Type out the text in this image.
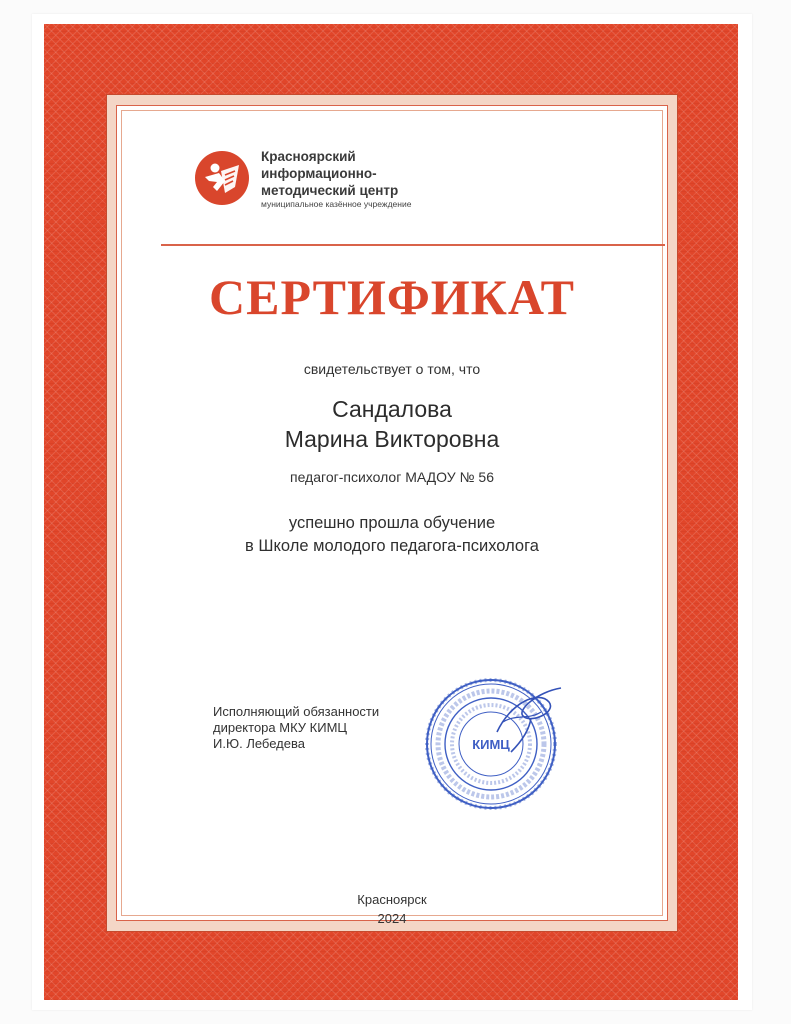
Красноярский
информационно-
методический центр
муниципальное казённое учреждение
СЕРТИФИКАТ
свидетельствует о том, что
Сандалова
Марина Викторовна
педагог-психолог МАДОУ № 56
успешно прошла обучение
в Школе молодого педагога-психолога
Исполняющий обязанности
директора МКУ КИМЦ
И.Ю. Лебедева	КИМЦ
Красноярск
2024
